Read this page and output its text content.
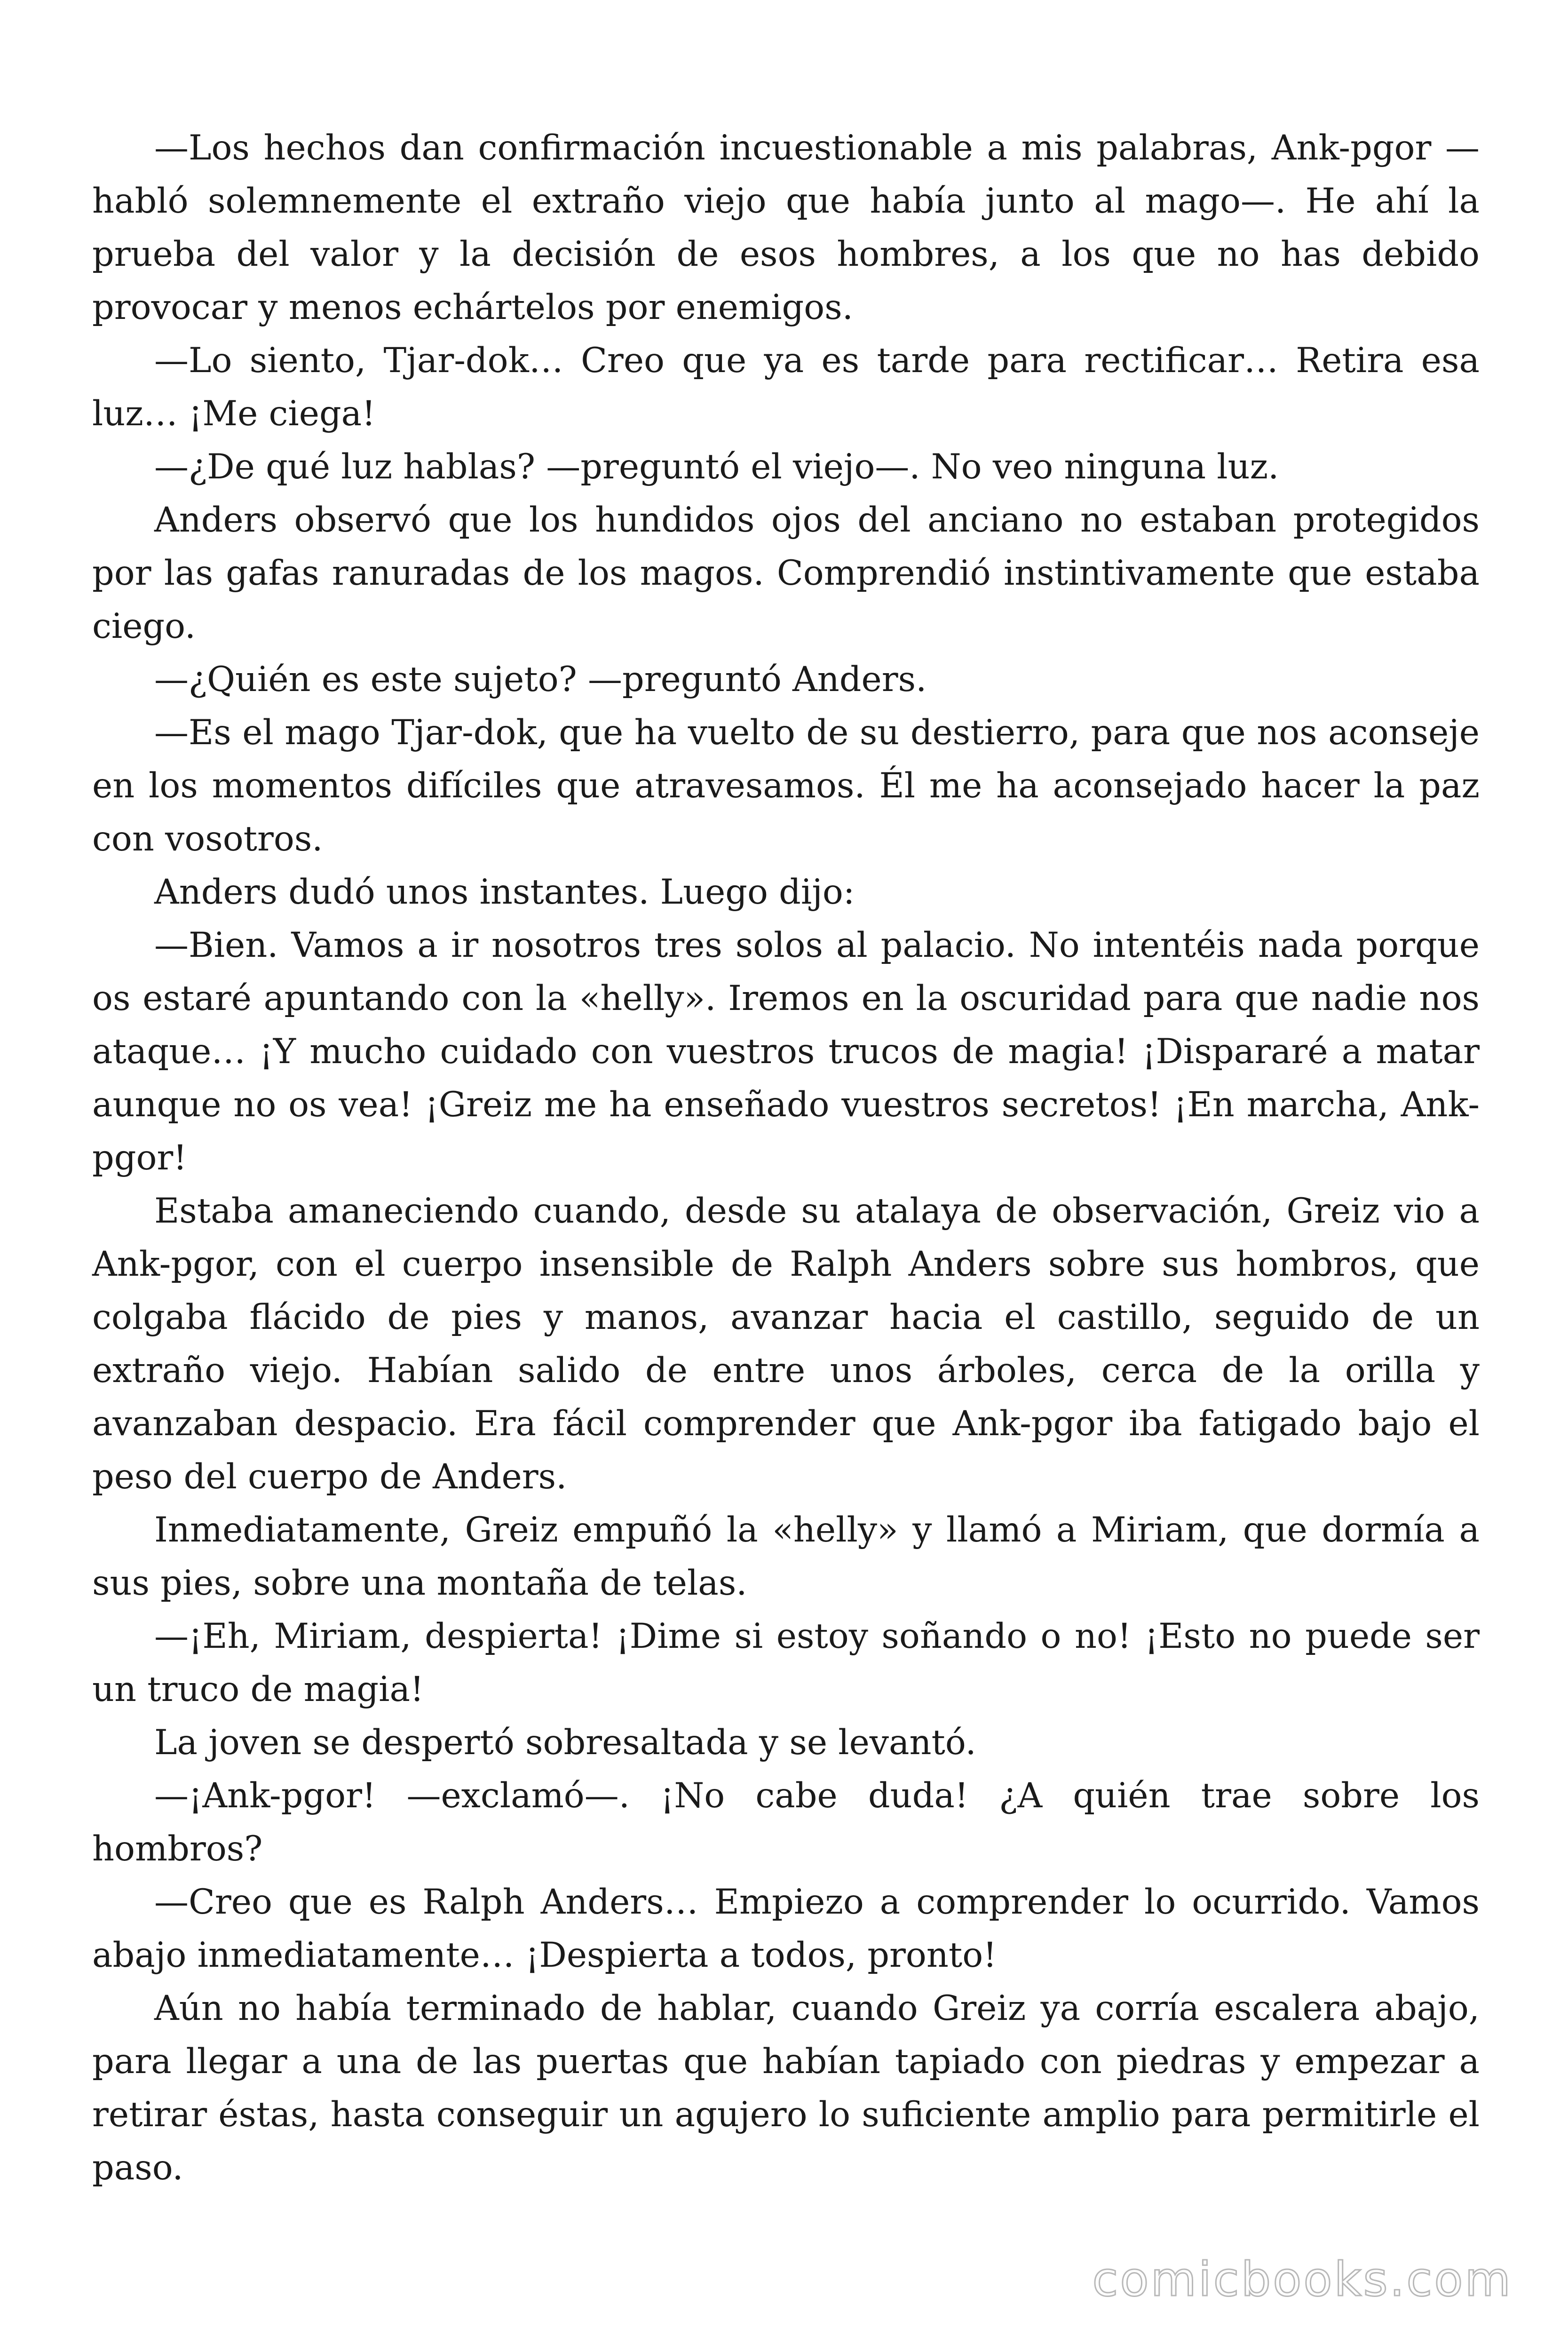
—Los hechos dan confirmación incuestionable a mis palabras, Ank-pgor —habló solemnemente el extraño viejo que había junto al mago—. He ahí la prueba del valor y la decisión de esos hombres, a los que no has debido provocar y menos echártelos por enemigos.

—Lo siento, Tjar-dok… Creo que ya es tarde para rectificar… Retira esa luz… ¡Me ciega!

—¿De qué luz hablas? —preguntó el viejo—. No veo ninguna luz.

Anders observó que los hundidos ojos del anciano no estaban protegidos por las gafas ranuradas de los magos. Comprendió instintivamente que estaba ciego.

—¿Quién es este sujeto? —preguntó Anders.

—Es el mago Tjar-dok, que ha vuelto de su destierro, para que nos aconseje en los momentos difíciles que atravesamos. Él me ha aconsejado hacer la paz con vosotros.

Anders dudó unos instantes. Luego dijo:

—Bien. Vamos a ir nosotros tres solos al palacio. No intentéis nada porque os estaré apuntando con la «helly». Iremos en la oscuridad para que nadie nos ataque… ¡Y mucho cuidado con vuestros trucos de magia! ¡Dispararé a matar aunque no os vea! ¡Greiz me ha enseñado vuestros secretos! ¡En marcha, Ank-pgor!

Estaba amaneciendo cuando, desde su atalaya de observación, Greiz vio a Ank-pgor, con el cuerpo insensible de Ralph Anders sobre sus hombros, que colgaba flácido de pies y manos, avanzar hacia el castillo, seguido de un extraño viejo. Habían salido de entre unos árboles, cerca de la orilla y avanzaban despacio. Era fácil comprender que Ank-pgor iba fatigado bajo el peso del cuerpo de Anders.

Inmediatamente, Greiz empuñó la «helly» y llamó a Miriam, que dormía a sus pies, sobre una montaña de telas.

—¡Eh, Miriam, despierta! ¡Dime si estoy soñando o no! ¡Esto no puede ser un truco de magia!

La joven se despertó sobresaltada y se levantó.

—¡Ank-pgor! —exclamó—. ¡No cabe duda! ¿A quién trae sobre los hombros?

—Creo que es Ralph Anders… Empiezo a comprender lo ocurrido. Vamos abajo inmediatamente… ¡Despierta a todos, pronto!

Aún no había terminado de hablar, cuando Greiz ya corría escalera abajo, para llegar a una de las puertas que habían tapiado con piedras y empezar a retirar éstas, hasta conseguir un agujero lo suficiente amplio para permitirle el paso.

comicbooks.com
